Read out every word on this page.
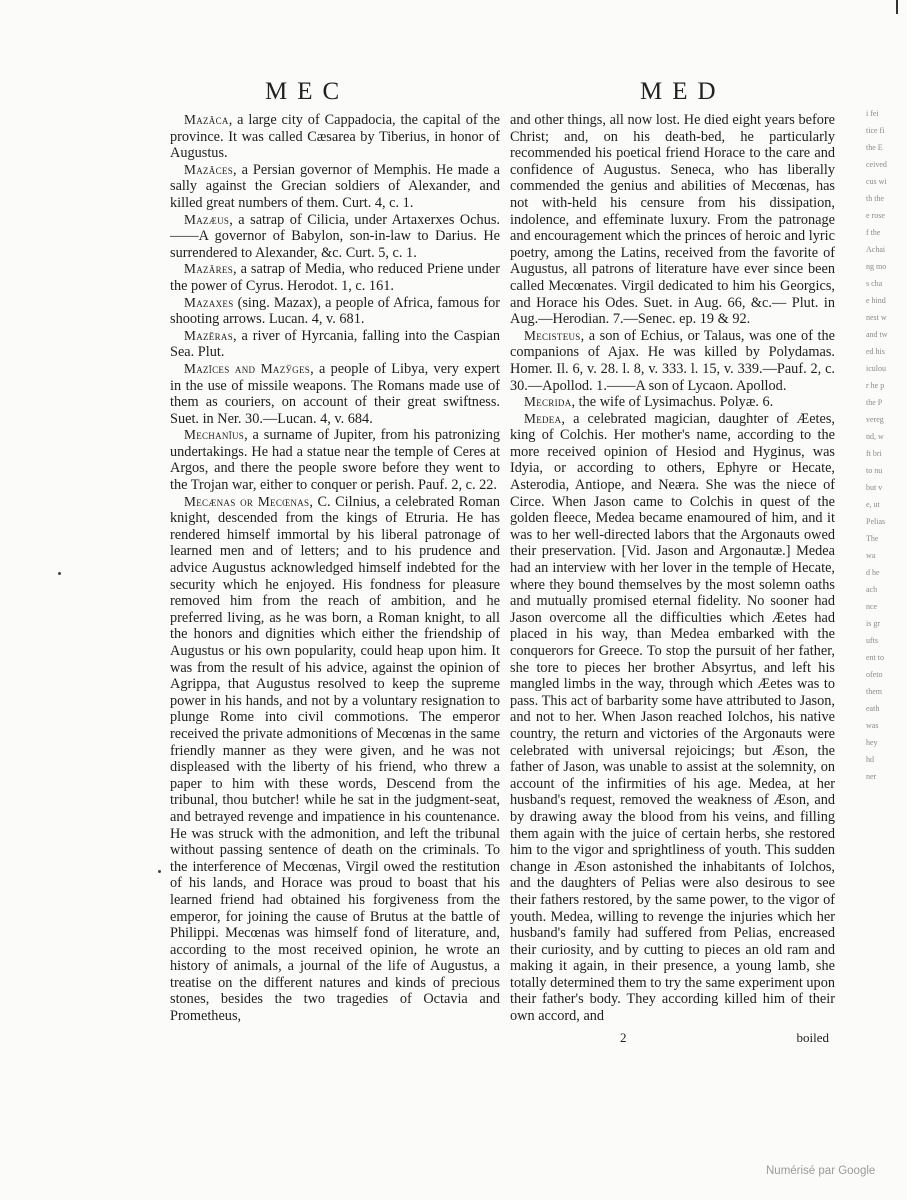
MEC	MED

Mazăca, a large city of Cappadocia, the capital of the province. It was called Cæsarea by Tiberius, in honor of Augustus.

Mazăces, a Persian governor of Memphis. He made a sally against the Grecian soldiers of Alexander, and killed great numbers of them. Curt. 4, c. 1.

Mazæus, a satrap of Cilicia, under Artaxerxes Ochus.——A governor of Babylon, son-in-law to Darius. He surrendered to Alexander, &c. Curt. 5, c. 1.

Mazăres, a satrap of Media, who reduced Priene under the power of Cyrus. Herodot. 1, c. 161.

Mazaxes (sing. Mazax), a people of Africa, famous for shooting arrows. Lucan. 4, v. 681.

Mazĕras, a river of Hyrcania, falling into the Caspian Sea. Plut.

Mazĭces and Mazўges, a people of Libya, very expert in the use of missile weapons. The Romans made use of them as couriers, on account of their great swiftness. Suet. in Ner. 30.—Lucan. 4, v. 684.

Mechanĭus, a surname of Jupiter, from his patronizing undertakings. He had a statue near the temple of Ceres at Argos, and there the people swore before they went to the Trojan war, either to conquer or perish. Pauf. 2, c. 22.

Mecænas or Mecœnas, C. Cilnius, a celebrated Roman knight, descended from the kings of Etruria. He has rendered himself immortal by his liberal patronage of learned men and of letters; and to his prudence and advice Augustus acknowledged himself indebted for the security which he enjoyed. His fondness for pleasure removed him from the reach of ambition, and he preferred living, as he was born, a Roman knight, to all the honors and dignities which either the friendship of Augustus or his own popularity, could heap upon him. It was from the result of his advice, against the opinion of Agrippa, that Augustus resolved to keep the supreme power in his hands, and not by a voluntary resignation to plunge Rome into civil commotions. The emperor received the private admonitions of Mecœnas in the same friendly manner as they were given, and he was not displeased with the liberty of his friend, who threw a paper to him with these words, Descend from the tribunal, thou butcher! while he sat in the judgment-seat, and betrayed revenge and impatience in his countenance. He was struck with the admonition, and left the tribunal without passing sentence of death on the criminals. To the interference of Mecœnas, Virgil owed the restitution of his lands, and Horace was proud to boast that his learned friend had obtained his forgiveness from the emperor, for joining the cause of Brutus at the battle of Philippi. Mecœnas was himself fond of literature, and, according to the most received opinion, he wrote an history of animals, a journal of the life of Augustus, a treatise on the different natures and kinds of precious stones, besides the two tragedies of Octavia and Prometheus,

and other things, all now lost. He died eight years before Christ; and, on his death-bed, he particularly recommended his poetical friend Horace to the care and confidence of Augustus. Seneca, who has liberally commended the genius and abilities of Mecœnas, has not with-held his censure from his dissipation, indolence, and effeminate luxury. From the patronage and encouragement which the princes of heroic and lyric poetry, among the Latins, received from the favorite of Augustus, all patrons of literature have ever since been called Mecœnates. Virgil dedicated to him his Georgics, and Horace his Odes. Suet. in Aug. 66, &c.— Plut. in Aug.—Herodian. 7.—Senec. ep. 19 & 92.

Mecisteus, a son of Echius, or Talaus, was one of the companions of Ajax. He was killed by Polydamas. Homer. Il. 6, v. 28. l. 8, v. 333. l. 15, v. 339.—Pauf. 2, c. 30.—Apollod. 1.——A son of Lycaon. Apollod.

Mecrida, the wife of Lysimachus. Polyæ. 6.

Medea, a celebrated magician, daughter of Æetes, king of Colchis. Her mother's name, according to the more received opinion of Hesiod and Hyginus, was Idyia, or according to others, Ephyre or Hecate, Asterodia, Antiope, and Neæra. She was the niece of Circe. When Jason came to Colchis in quest of the golden fleece, Medea became enamoured of him, and it was to her well-directed labors that the Argonauts owed their preservation. [Vid. Jason and Argonautæ.] Medea had an interview with her lover in the temple of Hecate, where they bound themselves by the most solemn oaths and mutually promised eternal fidelity. No sooner had Jason overcome all the difficulties which Æetes had placed in his way, than Medea embarked with the conquerors for Greece. To stop the pursuit of her father, she tore to pieces her brother Absyrtus, and left his mangled limbs in the way, through which Æetes was to pass. This act of barbarity some have attributed to Jason, and not to her. When Jason reached Iolchos, his native country, the return and victories of the Argonauts were celebrated with universal rejoicings; but Æson, the father of Jason, was unable to assist at the solemnity, on account of the infirmities of his age. Medea, at her husband's request, removed the weakness of Æson, and by drawing away the blood from his veins, and filling them again with the juice of certain herbs, she restored him to the vigor and sprightliness of youth. This sudden change in Æson astonished the inhabitants of Iolchos, and the daughters of Pelias were also desirous to see their fathers restored, by the same power, to the vigor of youth. Medea, willing to revenge the injuries which her husband's family had suffered from Pelias, encreased their curiosity, and by cutting to pieces an old ram and making it again, in their presence, a young lamb, she totally determined them to try the same experiment upon their father's body. They according killed him of their own accord, and

2	boiled
i fei
tice fi
the E
ceived
cus wi
th the
e rose
f the
Achai
ng mo
s cha
e hind
nest w
and tw
ed his
iculou
r he p
the P
vereg
nd, w
ft bri
to nu
but v
e, ut
Pelias
The
wa
d he
ach
nce
is gr
ufts
ent to
ofeto
them
eath
was
hey
hd
ner
Numérisé par Google
